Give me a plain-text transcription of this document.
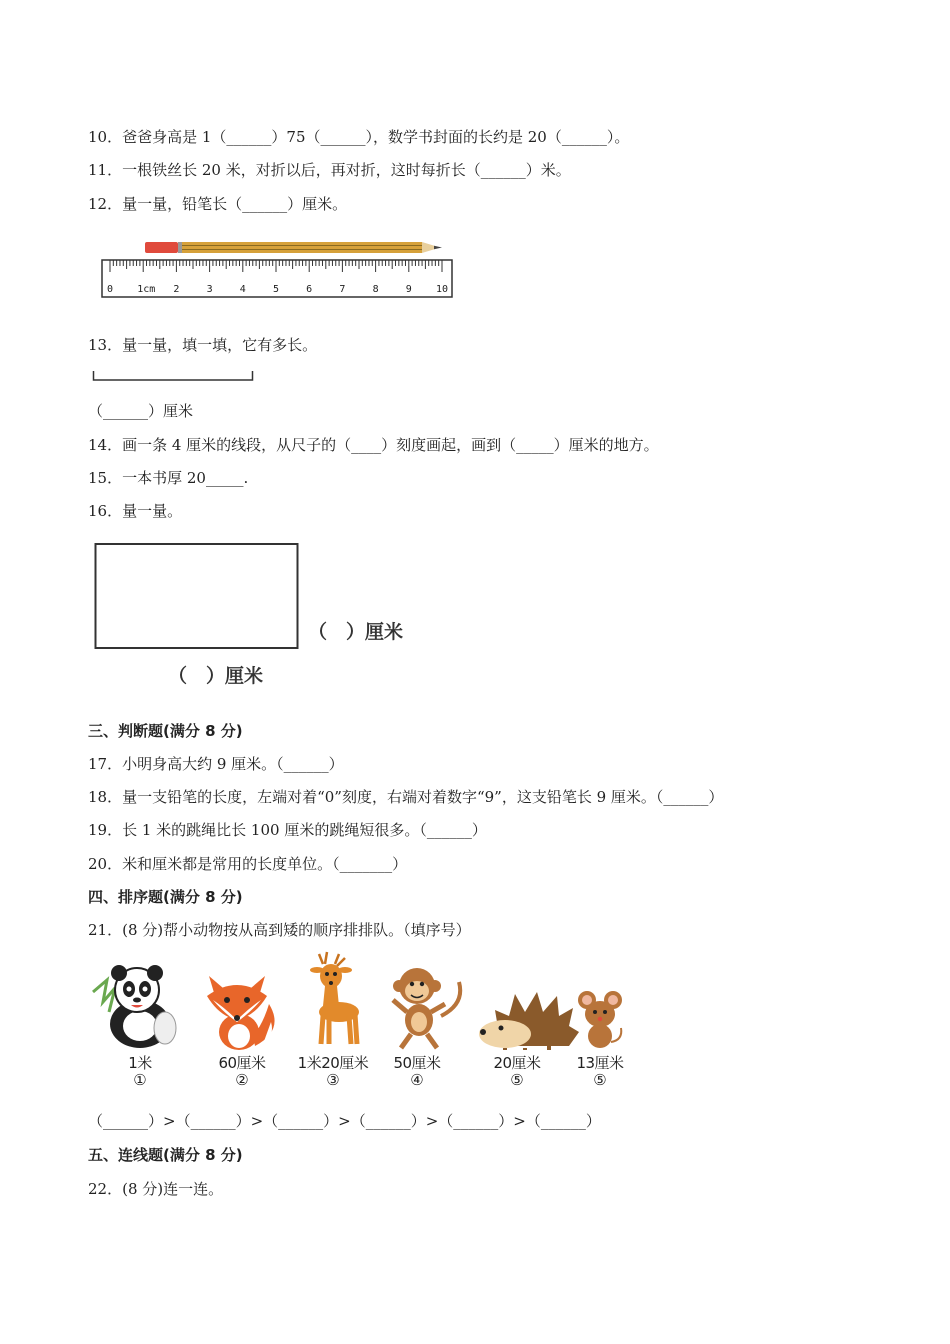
10．爸爸身高是 1（______）75（______），数学书封面的长约是 20（______）。
11．一根铁丝长 20 米，对折以后，再对折，这时每折长（______）米。
12．量一量，铅笔长（______）厘米。
0 1cm 2	3	4	5	6	7	8	9 10
13．量一量，填一填，它有多长。
（______）厘米
14．画一条 4 厘米的线段，从尺子的（____）刻度画起，画到（_____）厘米的地方。
15．一本书厚 20_____.
16．量一量。
（　）厘米
（　）厘米
三、判断题(满分 8 分)
17．小明身高大约 9 厘米。（______）
18．量一支铅笔的长度，左端对着“0”刻度，右端对着数字“9”，这支铅笔长 9 厘米。（______）
19．长 1 米的跳绳比长 100 厘米的跳绳短很多。（______）
20．米和厘米都是常用的长度单位。（_______）
四、排序题(满分 8 分)
21．(8 分)帮小动物按从高到矮的顺序排排队。（填序号）
1米
①
60厘米
②
1米20厘米
③
50厘米
④
20厘米
⑤
13厘米
⑤
（______）>（______）>（______）>（______）>（______）>（______）
五、连线题(满分 8 分)
22．(8 分)连一连。
